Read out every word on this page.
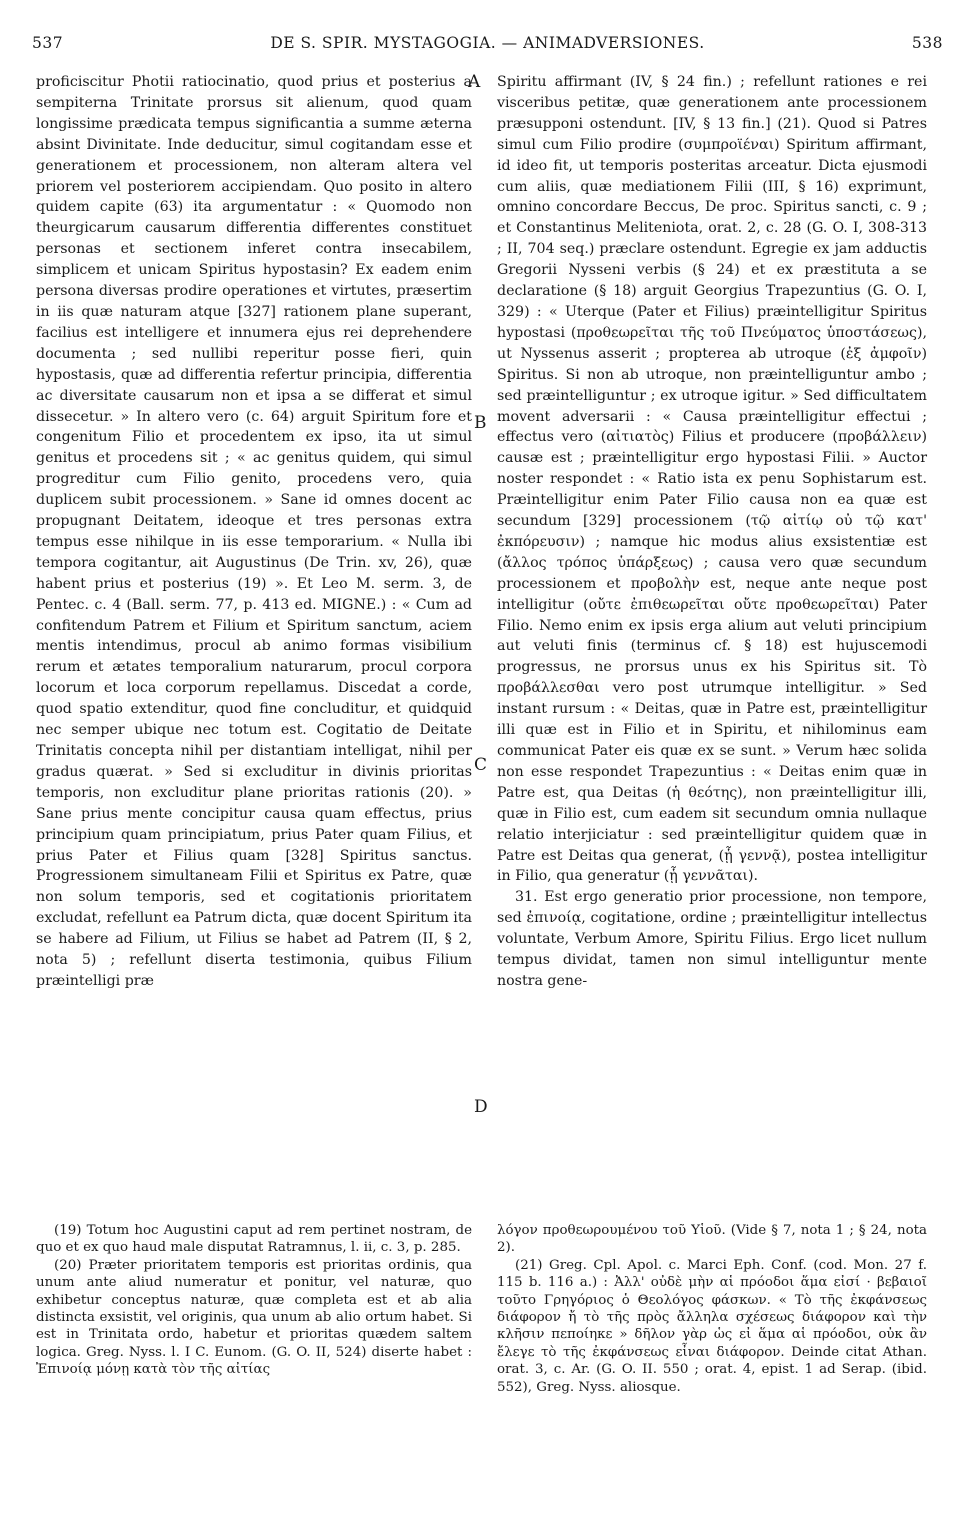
537	DE S. SPIR. MYSTAGOGIA. — ANIMADVERSIONES.	538
A
B
C
D

proficiscitur Photii ratiocinatio, quod prius et posterius a sempiterna Trinitate prorsus sit alienum, quod quam longissime prædicata tempus significantia a summe æterna absint Divinitate. Inde deducitur, simul cogitandam esse et generationem et processionem, non alteram altera vel priorem vel posteriorem accipiendam. Quo posito in altero quidem capite (63) ita argumentatur : « Quomodo non theurgicarum causarum differentia differentes constituet personas et sectionem inferet contra insecabilem, simplicem et unicam Spiritus hypostasin? Ex eadem enim persona diversas prodire operationes et virtutes, præsertim in iis quæ naturam atque [327] rationem plane superant, facilius est intelligere et innumera ejus rei deprehendere documenta ; sed nullibi reperitur posse fieri, quin hypostasis, quæ ad differentia refertur principia, differentia ac diversitate causarum non et ipsa a se differat et simul dissecetur. » In altero vero (c. 64) arguit Spiritum fore et congenitum Filio et procedentem ex ipso, ita ut simul genitus et procedens sit ; « ac genitus quidem, qui simul progreditur cum Filio genito, procedens vero, quia duplicem subit processionem. » Sane id omnes docent ac propugnant Deitatem, ideoque et tres personas extra tempus esse nihilque in iis esse temporarium. « Nulla ibi tempora cogitantur, ait Augustinus (De Trin. xv, 26), quæ habent prius et posterius (19) ». Et Leo M. serm. 3, de Pentec. c. 4 (Ball. serm. 77, p. 413 ed. MIGNE.) : « Cum ad confitendum Patrem et Filium et Spiritum sanctum, aciem mentis intendimus, procul ab animo formas visibilium rerum et ætates temporalium naturarum, procul corpora locorum et loca corporum repellamus. Discedat a corde, quod spatio extenditur, quod fine concluditur, et quidquid nec semper ubique nec totum est. Cogitatio de Deitate Trinitatis concepta nihil per distantiam intelligat, nihil per gradus quærat. » Sed si excluditur in divinis prioritas temporis, non excluditur plane prioritas rationis (20). » Sane prius mente concipitur causa quam effectus, prius principium quam principiatum, prius Pater quam Filius, et prius Pater et Filius quam [328] Spiritus sanctus. Progressionem simultaneam Filii et Spiritus ex Patre, quæ non solum temporis, sed et cogitationis prioritatem excludat, refellunt ea Patrum dicta, quæ docent Spiritum ita se habere ad Filium, ut Filius se habet ad Patrem (II, § 2, nota 5) ; refellunt diserta testimonia, quibus Filium præintelligi præ

Spiritu affirmant (IV, § 24 fin.) ; refellunt rationes e rei visceribus petitæ, quæ generationem ante processionem præsupponi ostendunt. [IV, § 13 fin.] (21). Quod si Patres simul cum Filio prodire (συμπροϊέναι) Spiritum affirmant, id ideo fit, ut temporis posteritas arceatur. Dicta ejusmodi cum aliis, quæ mediationem Filii (III, § 16) exprimunt, omnino concordare Beccus, De proc. Spiritus sancti, c. 9 ; et Constantinus Meliteniota, orat. 2, c. 28 (G. O. I, 308-313 ; II, 704 seq.) præclare ostendunt. Egregie ex jam adductis Gregorii Nysseni verbis (§ 24) et ex præstituta a se declaratione (§ 18) arguit Georgius Trapezuntius (G. O. I, 329) : « Uterque (Pater et Filius) præintelligitur Spiritus hypostasi (προθεωρεῖται τῆς τοῦ Πνεύματος ὑποστάσεως), ut Nyssenus asserit ; propterea ab utroque (ἐξ ἀμφοῖν) Spiritus. Si non ab utroque, non præintelliguntur ambo ; sed præintelliguntur ; ex utroque igitur. » Sed difficultatem movent adversarii : « Causa præintelligitur effectui ; effectus vero (αἰτιατὸς) Filius et producere (προβάλλειν) causæ est ; præintelligitur ergo hypostasi Filii. » Auctor noster respondet : « Ratio ista ex penu Sophistarum est. Præintelligitur enim Pater Filio causa non ea quæ est secundum [329] processionem (τῷ αἰτίῳ οὐ τῷ κατ' ἐκπόρευσιν) ; namque hic modus alius exsistentiæ est (ἄλλος τρόπος ὑπάρξεως) ; causa vero quæ secundum processionem et προβολὴν est, neque ante neque post intelligitur (οὔτε ἐπιθεωρεῖται οὔτε προθεωρεῖται) Pater Filio. Nemo enim ex ipsis erga alium aut veluti principium aut veluti finis (terminus cf. § 18) est hujuscemodi progressus, ne prorsus unus ex his Spiritus sit. Τὸ προβάλλεσθαι vero post utrumque intelligitur. » Sed instant rursum : « Deitas, quæ in Patre est, præintelligitur illi quæ est in Filio et in Spiritu, et nihilominus eam communicat Pater eis quæ ex se sunt. » Verum hæc solida non esse respondet Trapezuntius : « Deitas enim quæ in Patre est, qua Deitas (ἡ θεότης), non præintelligitur illi, quæ in Filio est, cum eadem sit secundum omnia nullaque relatio interjiciatur : sed præintelligitur quidem quæ in Patre est Deitas qua generat, (ᾗ γεννᾷ), postea intelligitur in Filio, qua generatur (ᾗ γεννᾶται).

31. Est ergo generatio prior processione, non tempore, sed ἐπινοίᾳ, cogitatione, ordine ; præintelligitur intellectus voluntate, Verbum Amore, Spiritu Filius. Ergo licet nullum tempus dividat, tamen non simul intelliguntur mente nostra gene-

(19) Totum hoc Augustini caput ad rem pertinet nostram, de quo et ex quo haud male disputat Ratramnus, l. ii, c. 3, p. 285.

(20) Præter prioritatem temporis est prioritas ordinis, qua unum ante aliud numeratur et ponitur, vel naturæ, quo exhibetur conceptus naturæ, quæ completa est et ab alia distincta exsistit, vel originis, qua unum ab alio ortum habet. Si est in Trinitata ordo, habetur et prioritas quædem saltem logica. Greg. Nyss. l. I C. Eunom. (G. O. II, 524) diserte habet : Ἐπινοίᾳ μόνῃ κατὰ τὸν τῆς αἰτίας

λόγον προθεωρουμένου τοῦ Υἱοῦ. (Vide § 7, nota 1 ; § 24, nota 2).

(21) Greg. Cpl. Apol. c. Marci Eph. Conf. (cod. Mon. 27 f. 115 b. 116 a.) : Ἀλλ' οὐδὲ μὴν αἱ πρόοδοι ἅμα εἰσί · βεβαιοῖ τοῦτο Γρηγόριος ὁ Θεολόγος φάσκων. « Τὸ τῆς ἐκφάνσεως διάφορον ἤ τὸ τῆς πρὸς ἄλληλα σχέσεως διάφορον καὶ τὴν κλῆσιν πεποίηκε » δῆλον γὰρ ὡς εἰ ἅμα αἱ πρόοδοι, οὐκ ἂν ἔλεγε τὸ τῆς ἐκφάνσεως εἶναι διάφορον. Deinde citat Athan. orat. 3, c. Ar. (G. O. II. 550 ; orat. 4, epist. 1 ad Serap. (ibid. 552), Greg. Nyss. aliosque.
